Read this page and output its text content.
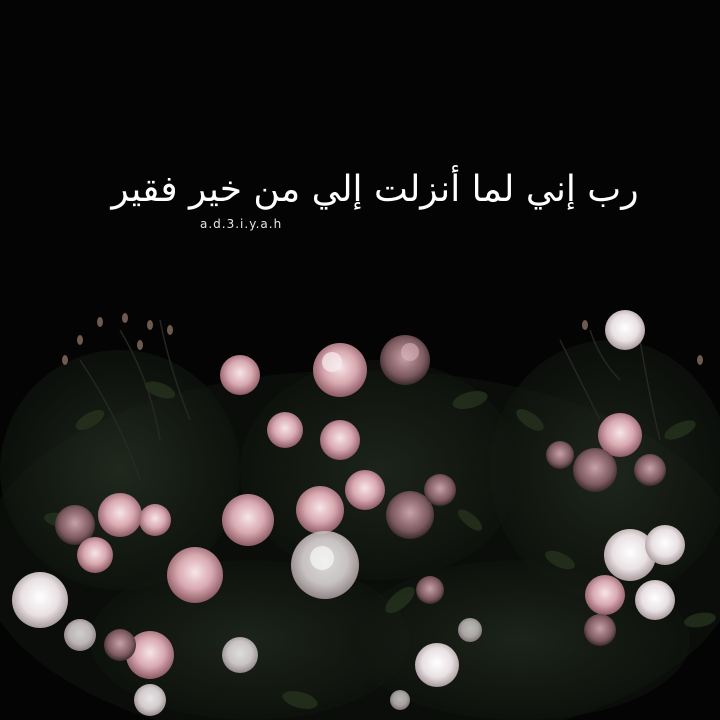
رب إني لما أنزلت إلي من خير فقير
a.d.3.i.y.a.h
